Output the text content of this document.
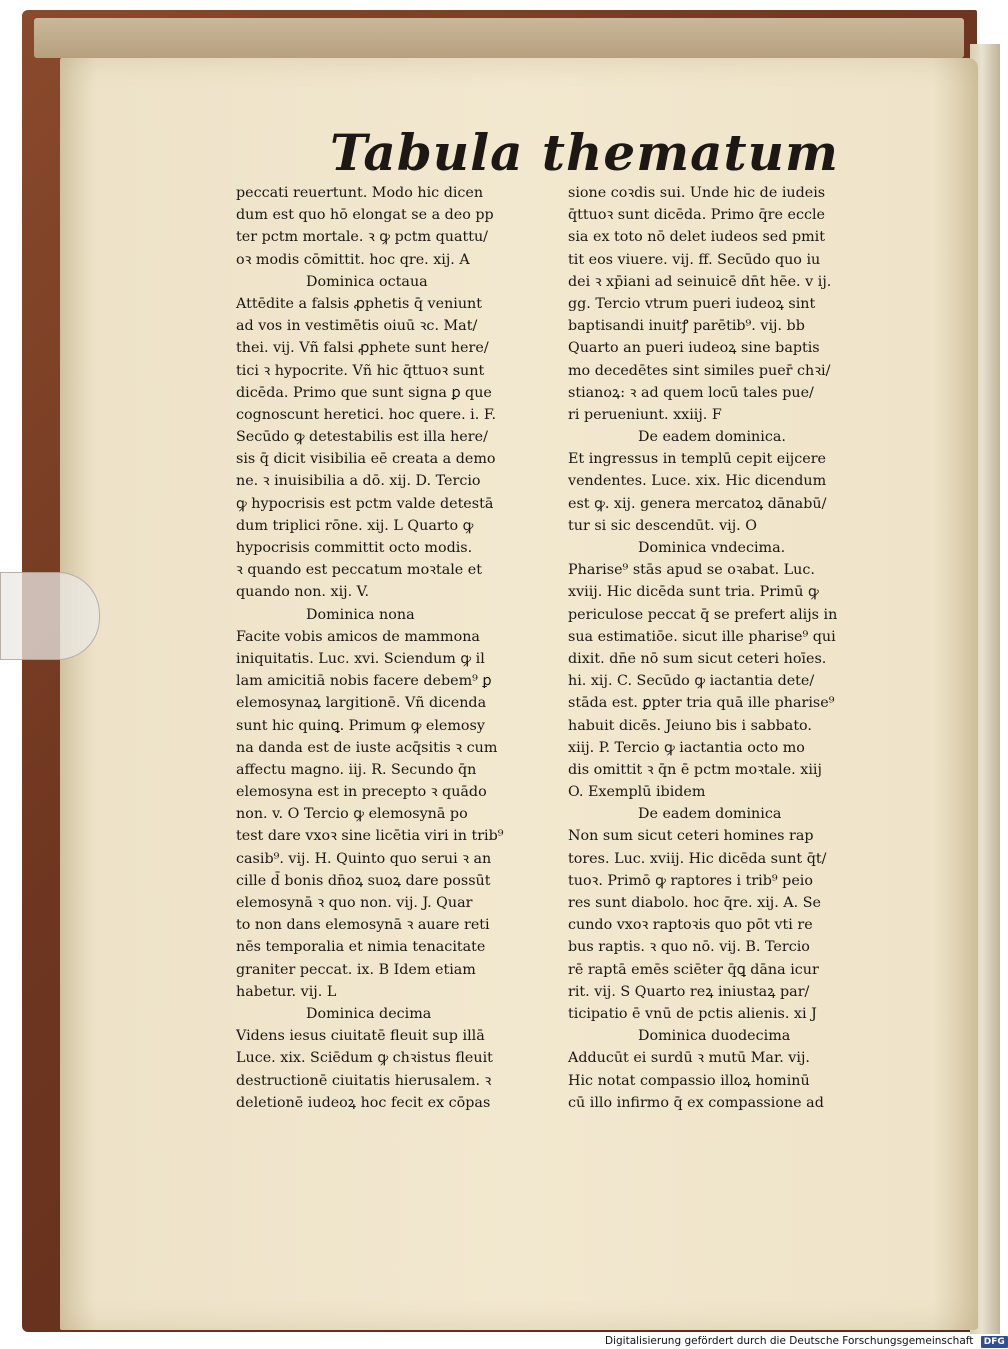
Tabula thematum
peccati reuertunt. Modo hic dicen
dum est quo hō elongat se a deo pp
ter pctm mortale. ꝛ ꝙ pctm quattu/
oꝛ modis cōmittit. hoc qre. xij. A
Dominica octaua
Attēdite a falsis ꝓphetis q̄ veniunt
ad vos in vestimētis oiuū ꝛc. Mat/
thei. vij. Vñ falsi ꝓphete sunt here/
tici ꝛ hypocrite. Vñ hic q̄ttuoꝛ sunt
dicēda. Primo que sunt signa ꝑ que
cognoscunt heretici. hoc quere. i. F.
Secūdo ꝙ detestabilis est illa here/
sis q̄ dicit visibilia eē creata a demo
ne. ꝛ inuisibilia a dō. xij. D. Tercio
ꝙ hypocrisis est pctm valde detestā
dum triplici rōne. xij. L Quarto ꝙ
hypocrisis committit octo modis.
ꝛ quando est peccatum moꝛtale et
quando non. xij. V.
Dominica nona
Facite vobis amicos de mammona
iniquitatis. Luc. xvi. Sciendum ꝙ il
lam amicitiā nobis facere debem⁹ ꝑ
elemosynaꝝ largitionē. Vñ dicenda
sunt hic quinꝗ. Primum ꝙ elemosy
na danda est de iuste acq̄sitis ꝛ cum
affectu magno. iij. R. Secundo q̄n
elemosyna est in precepto ꝛ quādo
non. v. O Tercio ꝙ elemosynā po
test dare vxoꝛ sine licētia viri in trib⁹
casib⁹. vij. H. Quinto quo serui ꝛ an
cille d̄ bonis dn̄oꝝ suoꝝ dare possūt
elemosynā ꝛ quo non. vij. J. Quar
to non dans elemosynā ꝛ auare reti
nēs temporalia et nimia tenacitate
graniter peccat. ix. B Idem etiam
habetur. vij. L
Dominica decima
Videns iesus ciuitatē fleuit sup illā
Luce. xix. Sciēdum ꝙ chꝛistus fleuit
destructionē ciuitatis hierusalem. ꝛ
deletionē iudeoꝝ hoc fecit ex cōpas
sione coꝛdis sui. Unde hic de iudeis
q̄ttuoꝛ sunt dicēda. Primo q̄re eccle
sia ex toto nō delet iudeos sed pmit
tit eos viuere. vij. ff. Secūdo quo iu
dei ꝛ xp̄iani ad seinuicē dn̄t hēe. v ij.
gg. Tercio vtrum pueri iudeoꝝ sint
baptisandi inuitꝭ parētib⁹. vij. bb
Quarto an pueri iudeoꝝ sine baptis
mo decedētes sint similes puer̄ chꝛi/
stianoꝝ: ꝛ ad quem locū tales pue/
ri perueniunt. xxiij. F
De eadem dominica.
Et ingressus in templū cepit eijcere
vendentes. Luce. xix. Hic dicendum
est ꝙ. xij. genera mercatoꝝ dānabū/
tur si sic descendūt. vij. O
Dominica vndecima.
Pharise⁹ stās apud se oꝛabat. Luc.
xviij. Hic dicēda sunt tria. Primū ꝙ
periculose peccat q̄ se prefert alijs in
sua estimatiōe. sicut ille pharise⁹ qui
dixit. dn̄e nō sum sicut ceteri hoīes.
hi. xij. C. Secūdo ꝙ iactantia dete/
stāda est. ꝑpter tria quā ille pharise⁹
habuit dicēs. Jeiuno bis i sabbato.
xiij. P. Tercio ꝙ iactantia octo mo
dis omittit ꝛ q̄n ē pctm moꝛtale. xiij
O. Exemplū ibidem
De eadem dominica
Non sum sicut ceteri homines rap
tores. Luc. xviij. Hic dicēda sunt q̄t/
tuoꝛ. Primō ꝙ raptores i trib⁹ peio
res sunt diabolo. hoc q̄re. xij. A. Se
cundo vxoꝛ raptoꝛis quo pōt vti re
bus raptis. ꝛ quo nō. vij. B. Tercio
rē raptā emēs sciēter q̄ꝗ dāna icur
rit. vij. S Quarto reꝝ iniustaꝝ par/
ticipatio ē vnū de pctis alienis. xi J
Dominica duodecima
Adducūt ei surdū ꝛ mutū Mar. vij.
Hic notat compassio illoꝝ hominū
cū illo infirmo q̄ ex compassione ad
Digitalisierung gefördert durch die Deutsche Forschungsgemeinschaft DFG
